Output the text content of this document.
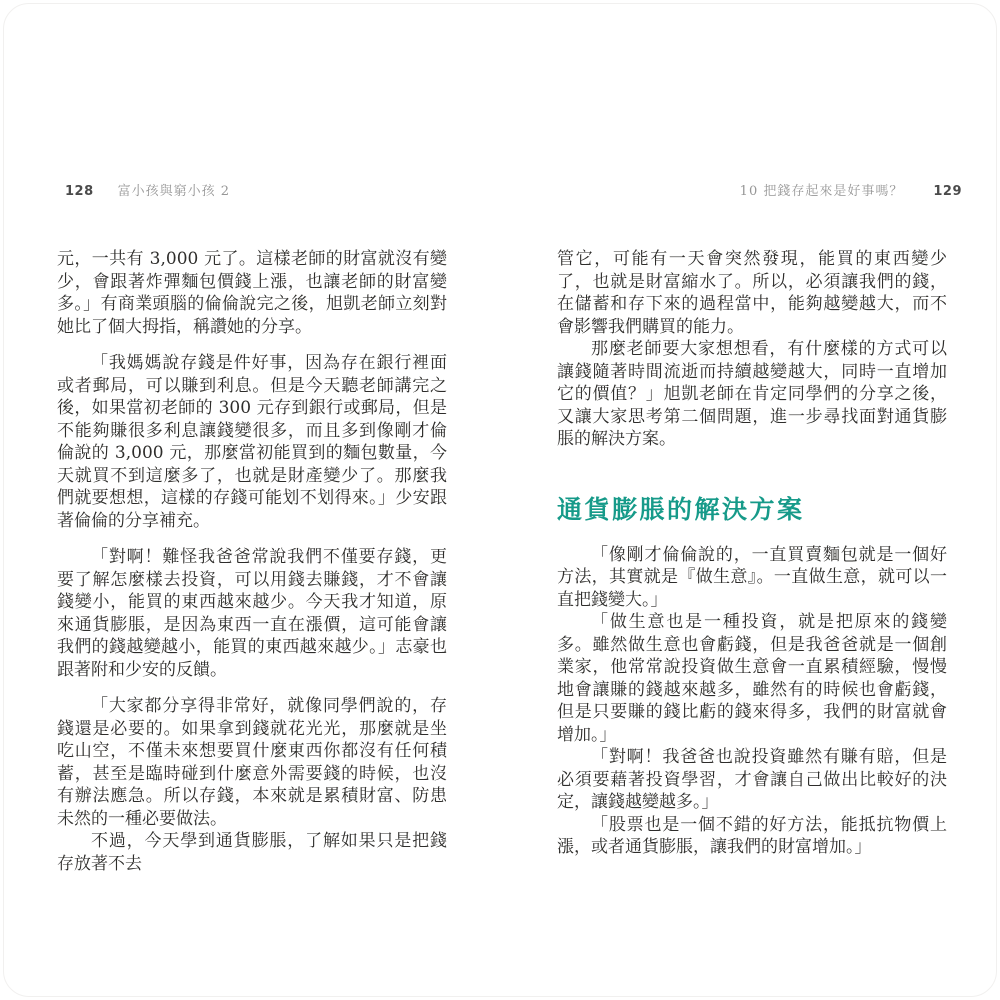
128 富小孩與窮小孩 2	10 把錢存起來是好事嗎？ 129

元，一共有 3,000 元了。這樣老師的財富就沒有變少，會跟著炸彈麵包價錢上漲，也讓老師的財富變多。」有商業頭腦的倫倫說完之後，旭凱老師立刻對她比了個大拇指，稱讚她的分享。

「我媽媽說存錢是件好事，因為存在銀行裡面或者郵局，可以賺到利息。但是今天聽老師講完之後，如果當初老師的 300 元存到銀行或郵局，但是不能夠賺很多利息讓錢變很多，而且多到像剛才倫倫說的 3,000 元，那麼當初能買到的麵包數量，今天就買不到這麼多了，也就是財產變少了。那麼我們就要想想，這樣的存錢可能划不划得來。」少安跟著倫倫的分享補充。

「對啊！難怪我爸爸常說我們不僅要存錢，更要了解怎麼樣去投資，可以用錢去賺錢，才不會讓錢變小，能買的東西越來越少。今天我才知道，原來通貨膨脹，是因為東西一直在漲價，這可能會讓我們的錢越變越小，能買的東西越來越少。」志豪也跟著附和少安的反饋。

「大家都分享得非常好，就像同學們說的，存錢還是必要的。如果拿到錢就花光光，那麼就是坐吃山空，不僅未來想要買什麼東西你都沒有任何積蓄，甚至是臨時碰到什麼意外需要錢的時候，也沒有辦法應急。所以存錢，本來就是累積財富、防患未然的一種必要做法。

不過，今天學到通貨膨脹，了解如果只是把錢存放著不去

管它，可能有一天會突然發現，能買的東西變少了，也就是財富縮水了。所以，必須讓我們的錢，在儲蓄和存下來的過程當中，能夠越變越大，而不會影響我們購買的能力。

那麼老師要大家想想看，有什麼樣的方式可以讓錢隨著時間流逝而持續越變越大，同時一直增加它的價值？」旭凱老師在肯定同學們的分享之後，又讓大家思考第二個問題，進一步尋找面對通貨膨脹的解決方案。

通貨膨脹的解決方案

「像剛才倫倫說的，一直買賣麵包就是一個好方法，其實就是『做生意』。一直做生意，就可以一直把錢變大。」

「做生意也是一種投資，就是把原來的錢變多。雖然做生意也會虧錢，但是我爸爸就是一個創業家，他常常說投資做生意會一直累積經驗，慢慢地會讓賺的錢越來越多，雖然有的時候也會虧錢，但是只要賺的錢比虧的錢來得多，我們的財富就會增加。」

「對啊！我爸爸也說投資雖然有賺有賠，但是必須要藉著投資學習，才會讓自己做出比較好的決定，讓錢越變越多。」

「股票也是一個不錯的好方法，能抵抗物價上漲，或者通貨膨脹，讓我們的財富增加。」
